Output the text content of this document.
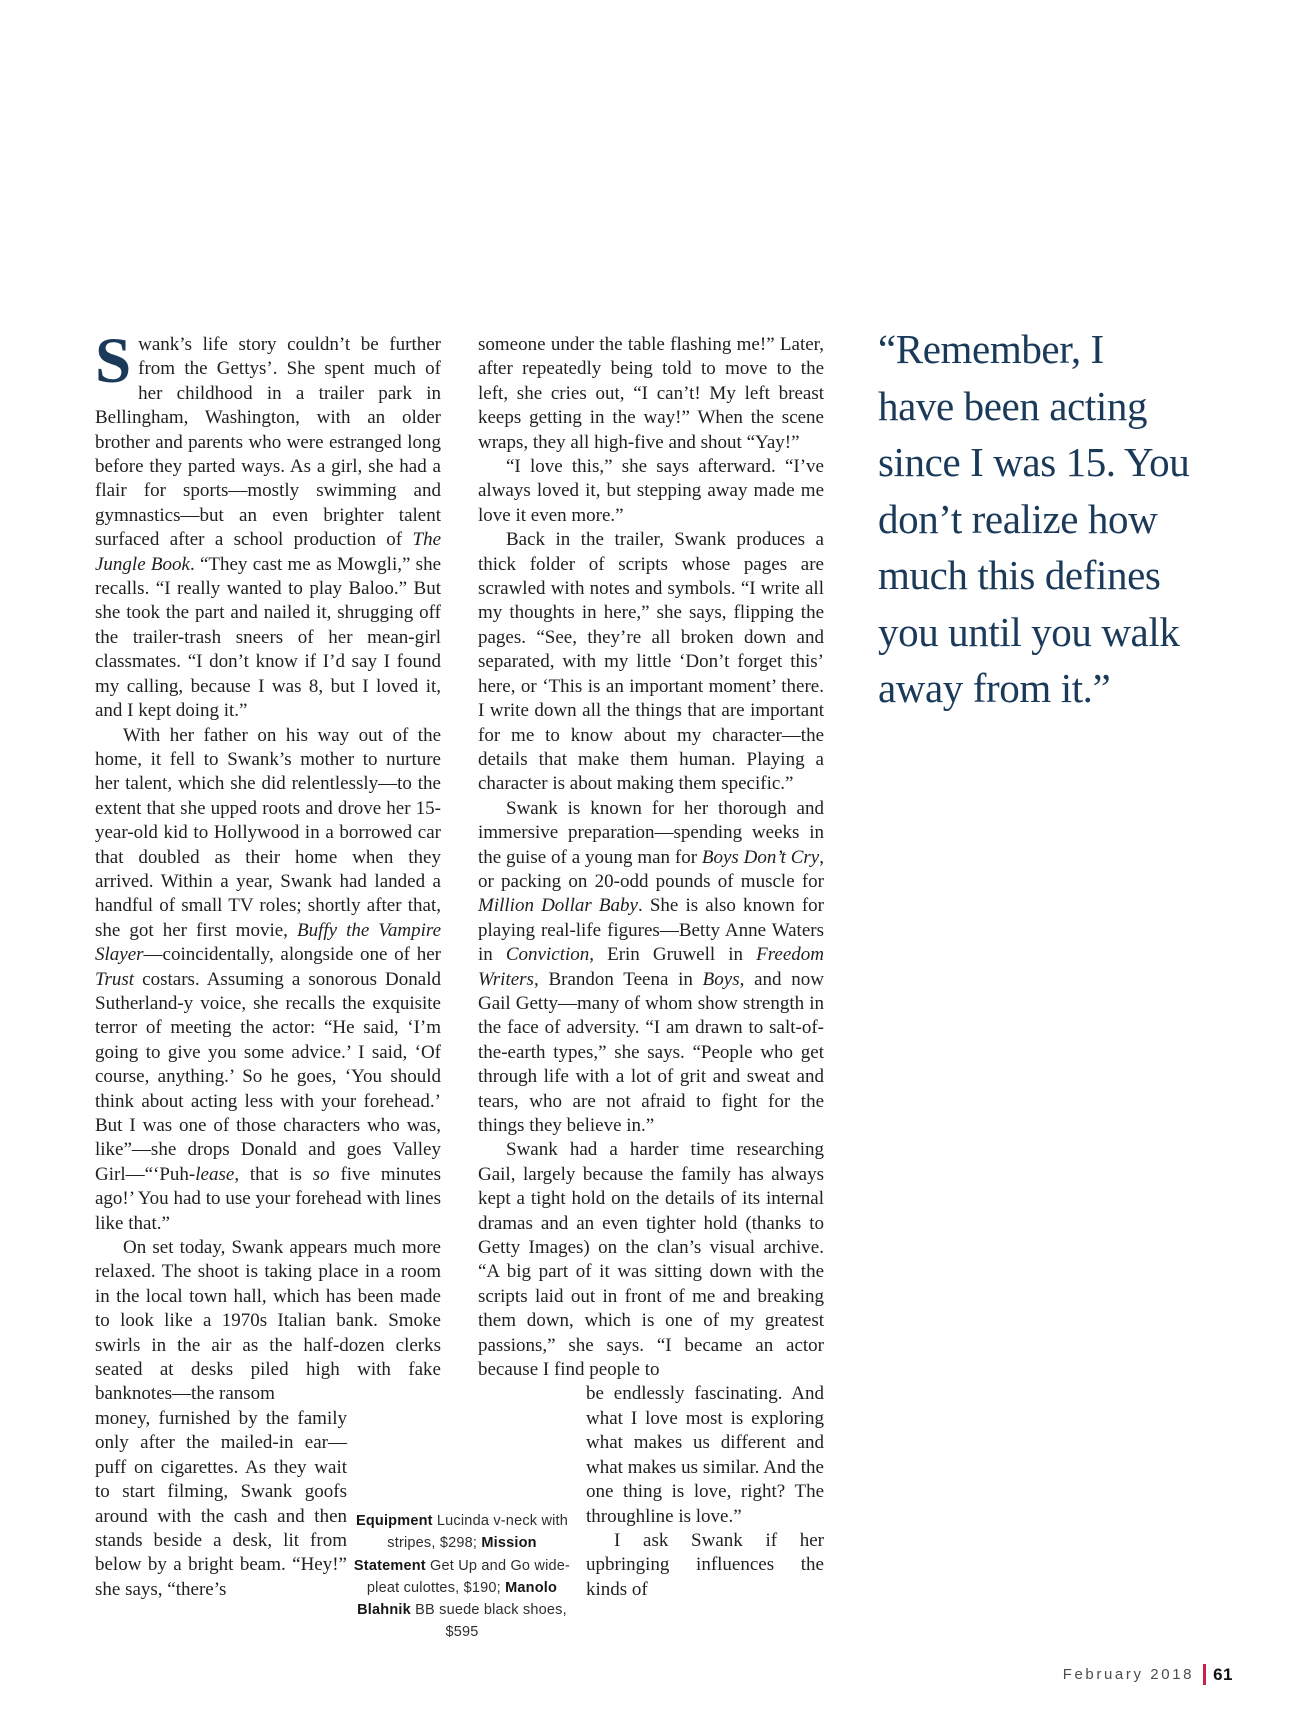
Swank’s life story couldn’t be further from the Gettys’. She spent much of her childhood in a trailer park in Bellingham, Washington, with an older brother and parents who were estranged long before they parted ways. As a girl, she had a flair for sports—mostly swimming and gymnastics—but an even brighter talent surfaced after a school production of The Jungle Book. “They cast me as Mowgli,” she recalls. “I really wanted to play Baloo.” But she took the part and nailed it, shrugging off the trailer-trash sneers of her mean-girl classmates. “I don’t know if I’d say I found my calling, because I was 8, but I loved it, and I kept doing it.”

With her father on his way out of the home, it fell to Swank’s mother to nurture her talent, which she did relentlessly—to the extent that she upped roots and drove her 15-year-old kid to Hollywood in a borrowed car that doubled as their home when they arrived. Within a year, Swank had landed a handful of small TV roles; shortly after that, she got her first movie, Buffy the Vampire Slayer—coincidentally, alongside one of her Trust costars. Assuming a sonorous Donald Sutherland-y voice, she recalls the exquisite terror of meeting the actor: “He said, ‘I’m going to give you some advice.’ I said, ‘Of course, anything.’ So he goes, ‘You should think about acting less with your forehead.’ But I was one of those characters who was, like”—she drops Donald and goes Valley Girl—“‘Puh-lease, that is so five minutes ago!’ You had to use your forehead with lines like that.”

On set today, Swank appears much more relaxed. The shoot is taking place in a room in the local town hall, which has been made to look like a 1970s Italian bank. Smoke swirls in the air as the half-dozen clerks seated at desks piled high with fake banknotes—the ransom

money, furnished by the family only after the mailed-in ear—puff on cigarettes. As they wait to start filming, Swank goofs around with the cash and then stands beside a desk, lit from below by a bright beam. “Hey!” she says, “there’s

someone under the table flashing me!” Later, after repeatedly being told to move to the left, she cries out, “I can’t! My left breast keeps getting in the way!” When the scene wraps, they all high-five and shout “Yay!”

“I love this,” she says afterward. “I’ve always loved it, but stepping away made me love it even more.”

Back in the trailer, Swank produces a thick folder of scripts whose pages are scrawled with notes and symbols. “I write all my thoughts in here,” she says, flipping the pages. “See, they’re all broken down and separated, with my little ‘Don’t forget this’ here, or ‘This is an important moment’ there. I write down all the things that are important for me to know about my character—the details that make them human. Playing a character is about making them specific.”

Swank is known for her thorough and immersive preparation—spending weeks in the guise of a young man for Boys Don’t Cry, or packing on 20-odd pounds of muscle for Million Dollar Baby. She is also known for playing real-life figures—Betty Anne Waters in Conviction, Erin Gruwell in Freedom Writers, Brandon Teena in Boys, and now Gail Getty—many of whom show strength in the face of adversity. “I am drawn to salt-of-the-earth types,” she says. “People who get through life with a lot of grit and sweat and tears, who are not afraid to fight for the things they believe in.”

Swank had a harder time researching Gail, largely because the family has always kept a tight hold on the details of its internal dramas and an even tighter hold (thanks to Getty Images) on the clan’s visual archive. “A big part of it was sitting down with the scripts laid out in front of me and breaking them down, which is one of my greatest passions,” she says. “I became an actor because I find people to

be endlessly fascinating. And what I love most is exploring what makes us different and what makes us similar. And the one thing is love, right? The throughline is love.”

I ask Swank if her upbringing influences the kinds of

“Remember, I
have been acting
since I was 15. You
don’t realize how
much this defines
you until you walk
away from it.”
Equipment Lucinda v-neck with stripes, $298; Mission Statement Get Up and Go wide-pleat culottes, $190; Manolo Blahnik BB suede black shoes, $595
February 2018 61
